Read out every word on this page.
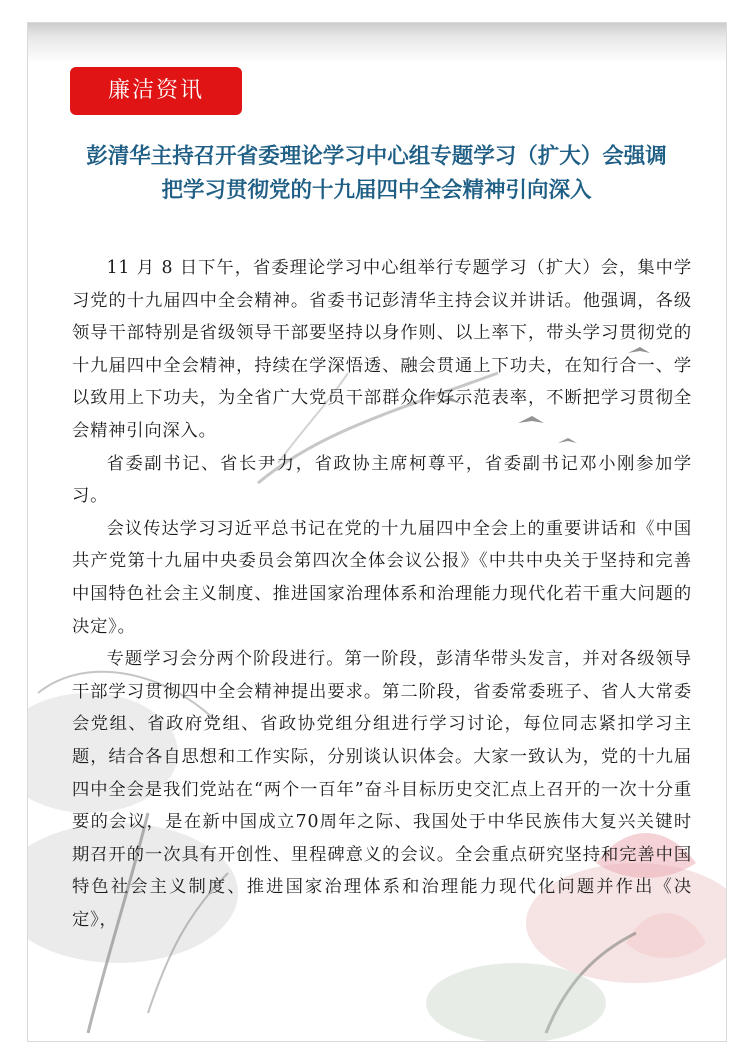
廉洁资讯
彭清华主持召开省委理论学习中心组专题学习（扩大）会强调
把学习贯彻党的十九届四中全会精神引向深入

11 月 8 日下午，省委理论学习中心组举行专题学习（扩大）会，集中学习党的十九届四中全会精神。省委书记彭清华主持会议并讲话。他强调，各级领导干部特别是省级领导干部要坚持以身作则、以上率下，带头学习贯彻党的十九届四中全会精神，持续在学深悟透、融会贯通上下功夫，在知行合一、学以致用上下功夫，为全省广大党员干部群众作好示范表率，不断把学习贯彻全会精神引向深入。

省委副书记、省长尹力，省政协主席柯尊平，省委副书记邓小刚参加学习。

会议传达学习习近平总书记在党的十九届四中全会上的重要讲话和《中国共产党第十九届中央委员会第四次全体会议公报》《中共中央关于坚持和完善中国特色社会主义制度、推进国家治理体系和治理能力现代化若干重大问题的决定》。

专题学习会分两个阶段进行。第一阶段，彭清华带头发言，并对各级领导干部学习贯彻四中全会精神提出要求。第二阶段，省委常委班子、省人大常委会党组、省政府党组、省政协党组分组进行学习讨论，每位同志紧扣学习主题，结合各自思想和工作实际，分别谈认识体会。大家一致认为，党的十九届四中全会是我们党站在“两个一百年”奋斗目标历史交汇点上召开的一次十分重要的会议，是在新中国成立70周年之际、我国处于中华民族伟大复兴关键时期召开的一次具有开创性、里程碑意义的会议。全会重点研究坚持和完善中国特色社会主义制度、推进国家治理体系和治理能力现代化问题并作出《决定》，
